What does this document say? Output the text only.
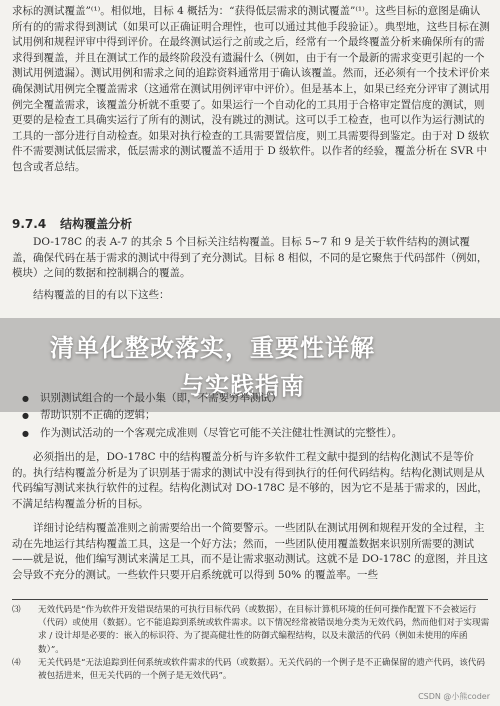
求标的测试覆盖”⁽¹⁾。相似地，目标 4 概括为：“获得低层需求的测试覆盖”⁽¹⁾。这些目标的意图是确认所有的的需求得到测试（如果可以正确证明合理性，也可以通过其他手段验证）。典型地，这些目标在测试用例和规程评审中得到评价。在最终测试运行之前或之后，经常有一个最终覆盖分析来确保所有的需求得到覆盖，并且在测试工作的最终阶段没有遗漏什么（例如，由于有一个最新的需求变更引起的一个测试用例遗漏）。测试用例和需求之间的追踪资料通常用于确认该覆盖。然而，还必须有一个技术评价来确保测试用例完全覆盖需求（这通常在测试用例评审中评价）。但是基本上，如果已经充分评审了测试用例完全覆盖需求，该覆盖分析就不重要了。如果运行一个自动化的工具用于合格审定置信度的测试，则更要的是检查工具确实运行了所有的测试，没有跳过的测试。这可以手工检查，也可以作为运行测试的工具的一部分进行自动检查。如果对执行检查的工具需要置信度，则工具需要得到鉴定。由于对 D 级软件不需要测试低层需求，低层需求的测试覆盖不适用于 D 级软件。以作者的经验，覆盖分析在 SVR 中包含或者总结。

9.7.4 结构覆盖分析

DO-178C 的表 A-7 的其余 5 个目标关注结构覆盖。目标 5~7 和 9 是关于软件结构的测试覆盖，确保代码在基于需求的测试中得到了充分测试。目标 8 相似，不同的是它聚焦于代码部件（例如，模块）之间的数据和控制耦合的覆盖。

结构覆盖的目的有以下这些：

清单化整改落实，重要性详解
与实践指南
● 识别测试组合的一个最小集（即，不需要穷举测试）
● 帮助识别不正确的逻辑；
● 作为测试活动的一个客观完成准则（尽管它可能不关注健壮性测试的完整性）。

必须指出的是，DO-178C 中的结构覆盖分析与许多软件工程文献中提到的结构化测试不是等价的。执行结构覆盖分析是为了识别基于需求的测试中没有得到执行的任何代码结构。结构化测试则是从代码编写测试来执行软件的过程。结构化测试对 DO-178C 是不够的，因为它不是基于需求的，因此，不满足结构覆盖分析的目标。

详细讨论结构覆盖准则之前需要给出一个简要警示。一些团队在测试用例和规程开发的全过程，主动在先地运行其结构覆盖工具，这是一个好方法；然而，一些团队使用覆盖数据来识别所需要的测试——就是说，他们编写测试来满足工具，而不是让需求驱动测试。这就不是 DO-178C 的意图，并且这会导致不充分的测试。一些软件只要开启系统就可以得到 50% 的覆盖率。一些

⑶ 无效代码是“作为软件开发错误结果的可执行目标代码（或数据），在目标计算机环境的任何可操作配置下不会被运行（代码）或使用（数据）。它不能追踪到系统或软件需求。以下情况经常被错误地分类为无效代码，然而他们对于实现需求 / 设计却是必要的：嵌入的标识符、为了提高健壮性的防御式编程结构，以及未激活的代码（例如未使用的库函数）”。
⑷ 无关代码是“无法追踪到任何系统或软件需求的代码（或数据）。无关代码的一个例子是不正确保留的遗产代码，该代码被包括进来，但无关代码的一个例子是无效代码”。
CSDN @小熊coder
